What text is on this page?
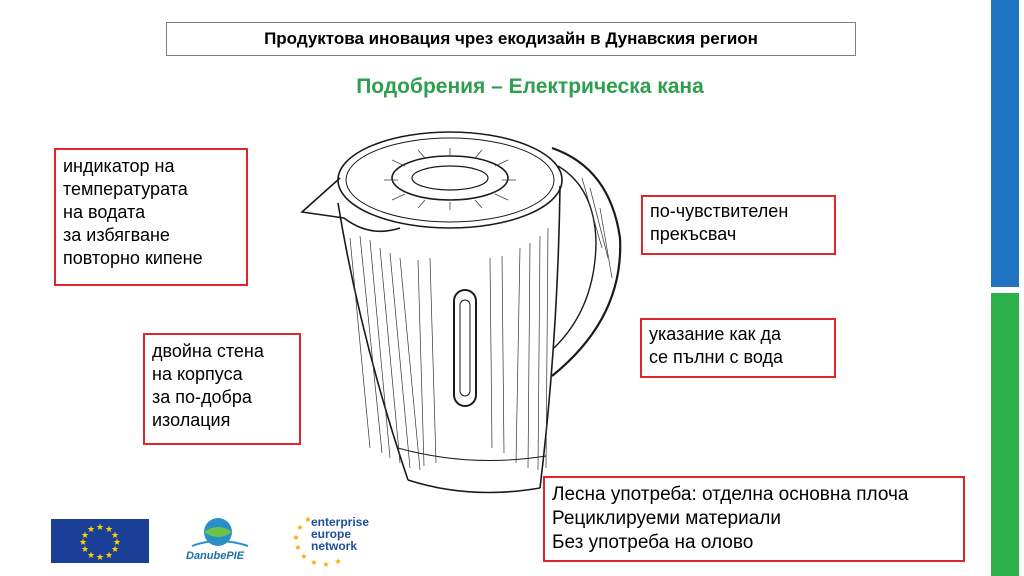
Продуктова иновация чрез екодизайн в Дунавския регион
Подобрения – Електрическа кана
индикатор на
температурата
на водата
за избягване
повторно кипене
по-чувствителен
прекъсвач
двойна стена
на корпуса
за по-добра
изолация
указание как да
се пълни с вода
Лесна употреба: отделна основна плоча
Рециклируеми материали
Без употреба на олово
★ ★
★
★
★
★
★
★
★
★
★
★
DanubePIE
★
★
★
★
★
★ ★ ★
enterprise
europe
network
